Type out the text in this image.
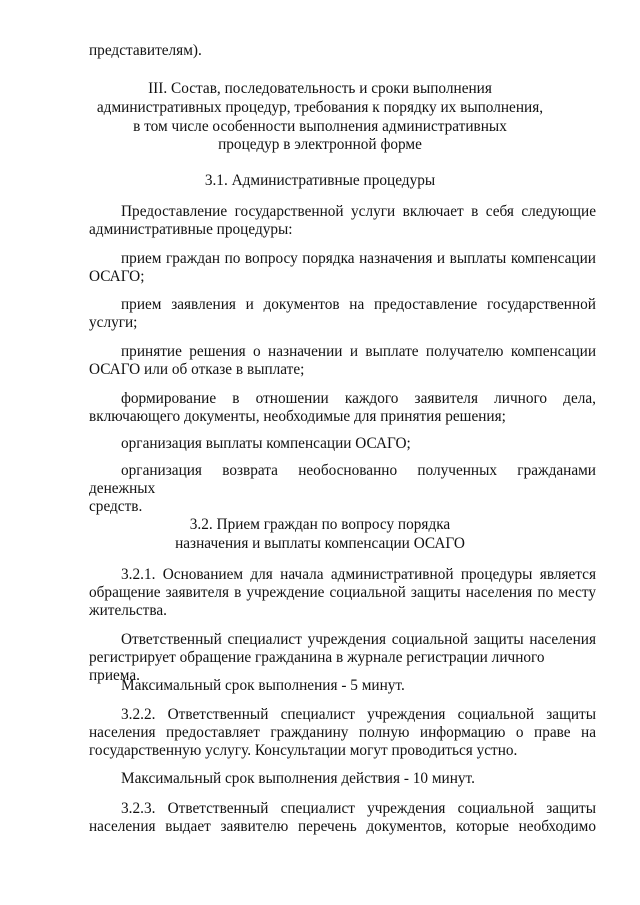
представителям).
III. Состав, последовательность и сроки выполнения
административных процедур, требования к порядку их выполнения,
в том числе особенности выполнения административных
процедур в электронной форме
3.1. Административные процедуры
Предоставление государственной услуги включает в себя следующие
административные процедуры:
прием граждан по вопросу порядка назначения и выплаты компенсации
ОСАГО;
прием заявления и документов на предоставление государственной
услуги;
принятие решения о назначении и выплате получателю компенсации
ОСАГО или об отказе в выплате;
формирование в отношении каждого заявителя личного дела,
включающего документы, необходимые для принятия решения;
организация выплаты компенсации ОСАГО;
организация возврата необоснованно полученных гражданами денежных
средств.
3.2. Прием граждан по вопросу порядка
назначения и выплаты компенсации ОСАГО
3.2.1. Основанием для начала административной процедуры является
обращение заявителя в учреждение социальной защиты населения по месту
жительства.
Ответственный специалист учреждения социальной защиты населения
регистрирует обращение гражданина в журнале регистрации личного приема.
Максимальный срок выполнения - 5 минут.
3.2.2. Ответственный специалист учреждения социальной защиты
населения предоставляет гражданину полную информацию о праве на
государственную услугу. Консультации могут проводиться устно.
Максимальный срок выполнения действия - 10 минут.
3.2.3. Ответственный специалист учреждения социальной защиты
населения выдает заявителю перечень документов, которые необходимо
